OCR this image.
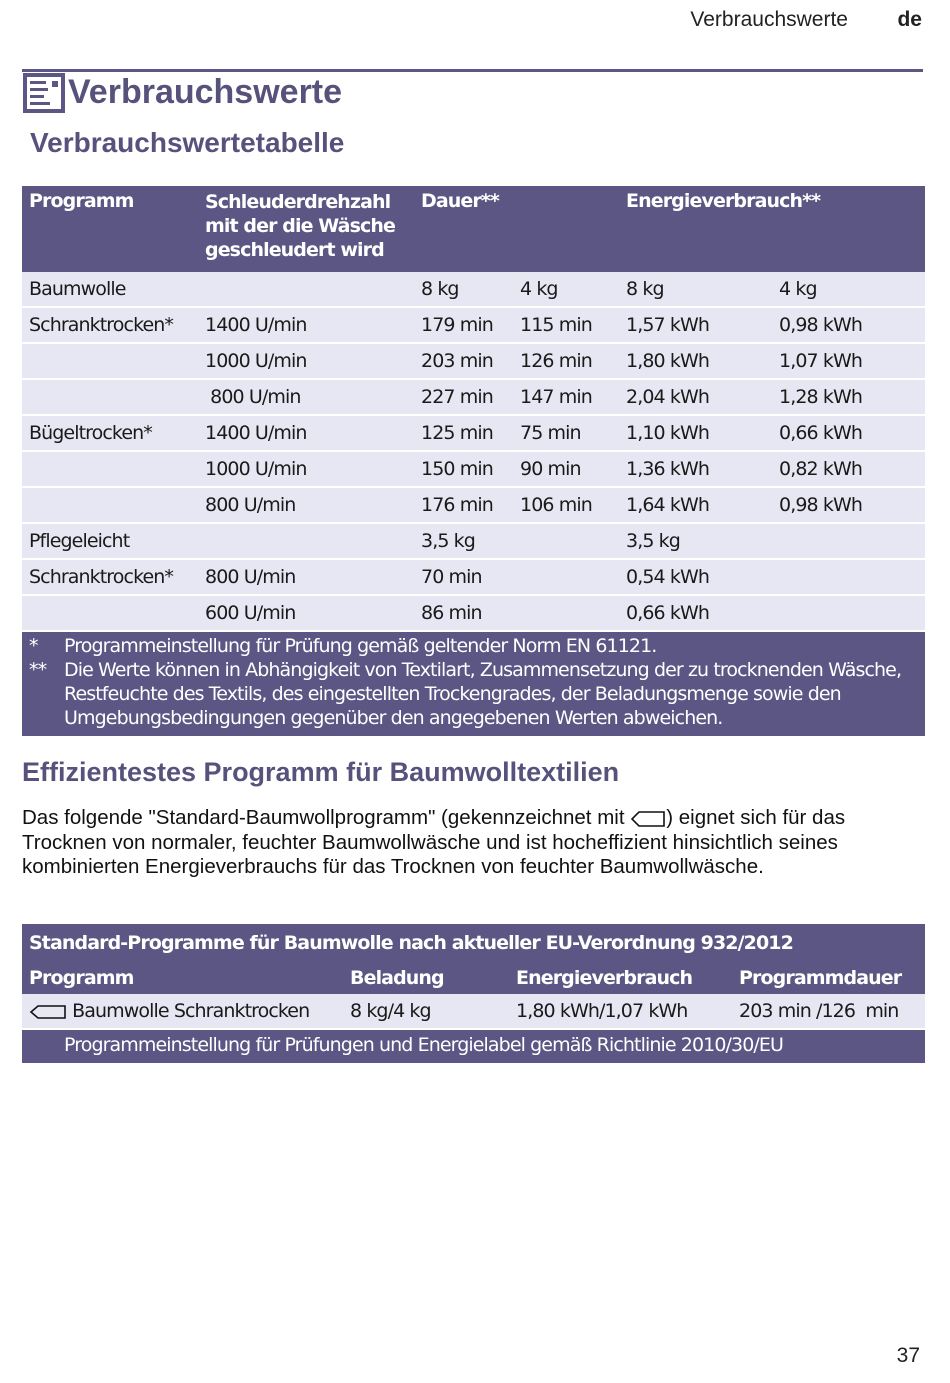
Verbrauchswerte de
Verbrauchswerte
Verbrauchswertetabelle
Programm	Schleuderdrehzahl mit der die Wäsche geschleudert wird	Dauer**		Energieverbrauch**	
Baumwolle		8 kg	4 kg	8 kg	4 kg
Schranktrocken*	1400 U/min	179 min	115 min	1,57 kWh	0,98 kWh
	1000 U/min	203 min	126 min	1,80 kWh	1,07 kWh
	800 U/min	227 min	147 min	2,04 kWh	1,28 kWh
Bügeltrocken*	1400 U/min	125 min	75 min	1,10 kWh	0,66 kWh
	1000 U/min	150 min	90 min	1,36 kWh	0,82 kWh
	800 U/min	176 min	106 min	1,64 kWh	0,98 kWh
Pflegeleicht		3,5 kg		3,5 kg	
Schranktrocken*	800 U/min	70 min		0,54 kWh	
	600 U/min	86 min		0,66 kWh	

* Programmeinstellung für Prüfung gemäß geltender Norm EN 61121.
** Die Werte können in Abhängigkeit von Textilart, Zusammensetzung der zu trocknenden Wäsche, Restfeuchte des Textils, des eingestellten Trockengrades, der Beladungsmenge sowie den Umgebungsbedingungen gegenüber den angegebenen Werten abweichen.					
Effizientestes Programm für Baumwolltextilien

Das folgende "Standard-Baumwollprogramm" (gekennzeichnet mit ) eignet sich für das Trocknen von normaler, feuchter Baumwollwäsche und ist hocheffizient hinsichtlich seines kombinierten Energieverbrauchs für das Trocknen von feuchter Baumwollwäsche.

Standard-Programme für Baumwolle nach aktueller EU-Verordnung 932/2012			
Programm	Beladung	Energieverbrauch	Programmdauer
Baumwolle Schranktrocken	8 kg/4 kg	1,80 kWh/1,07 kWh	203 min /126  min
Programmeinstellung für Prüfungen und Energielabel gemäß Richtlinie 2010/30/EU			
37
